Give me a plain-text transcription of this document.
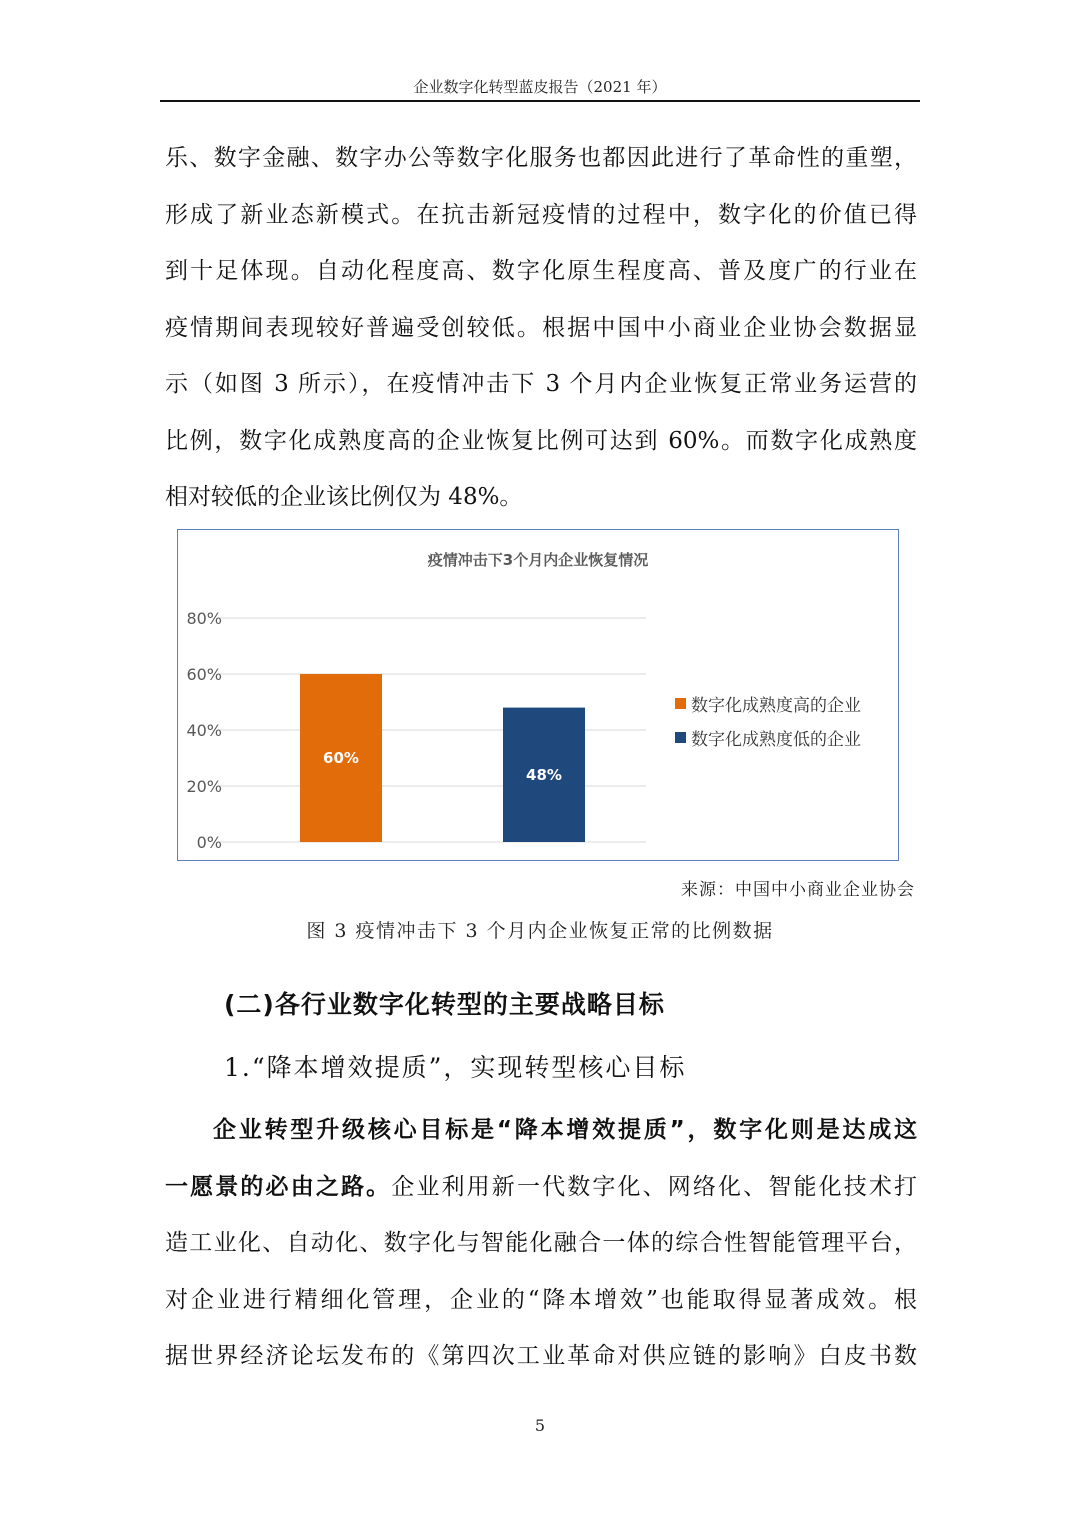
企业数字化转型蓝皮报告（2021 年）
乐、数字金融、数字办公等数字化服务也都因此进行了革命性的重塑，
形成了新业态新模式。在抗击新冠疫情的过程中，数字化的价值已得
到十足体现。自动化程度高、数字化原生程度高、普及度广的行业在
疫情期间表现较好普遍受创较低。根据中国中小商业企业协会数据显
示（如图 3 所示），在疫情冲击下 3 个月内企业恢复正常业务运营的
比例，数字化成熟度高的企业恢复比例可达到 60%。而数字化成熟度
相对较低的企业该比例仅为 48%。
疫情冲击下3个月内企业恢复情况
0%
20%
40%
60%
80%
60%
48%
数字化成熟度高的企业
数字化成熟度低的企业
来源：中国中小商业企业协会
图 3 疫情冲击下 3 个月内企业恢复正常的比例数据
(二)各行业数字化转型的主要战略目标
1.“降本增效提质”，实现转型核心目标
企业转型升级核心目标是“降本增效提质”，数字化则是达成这
一愿景的必由之路。企业利用新一代数字化、网络化、智能化技术打
造工业化、自动化、数字化与智能化融合一体的综合性智能管理平台，
对企业进行精细化管理，企业的“降本增效”也能取得显著成效。根
据世界经济论坛发布的《第四次工业革命对供应链的影响》白皮书数
5
